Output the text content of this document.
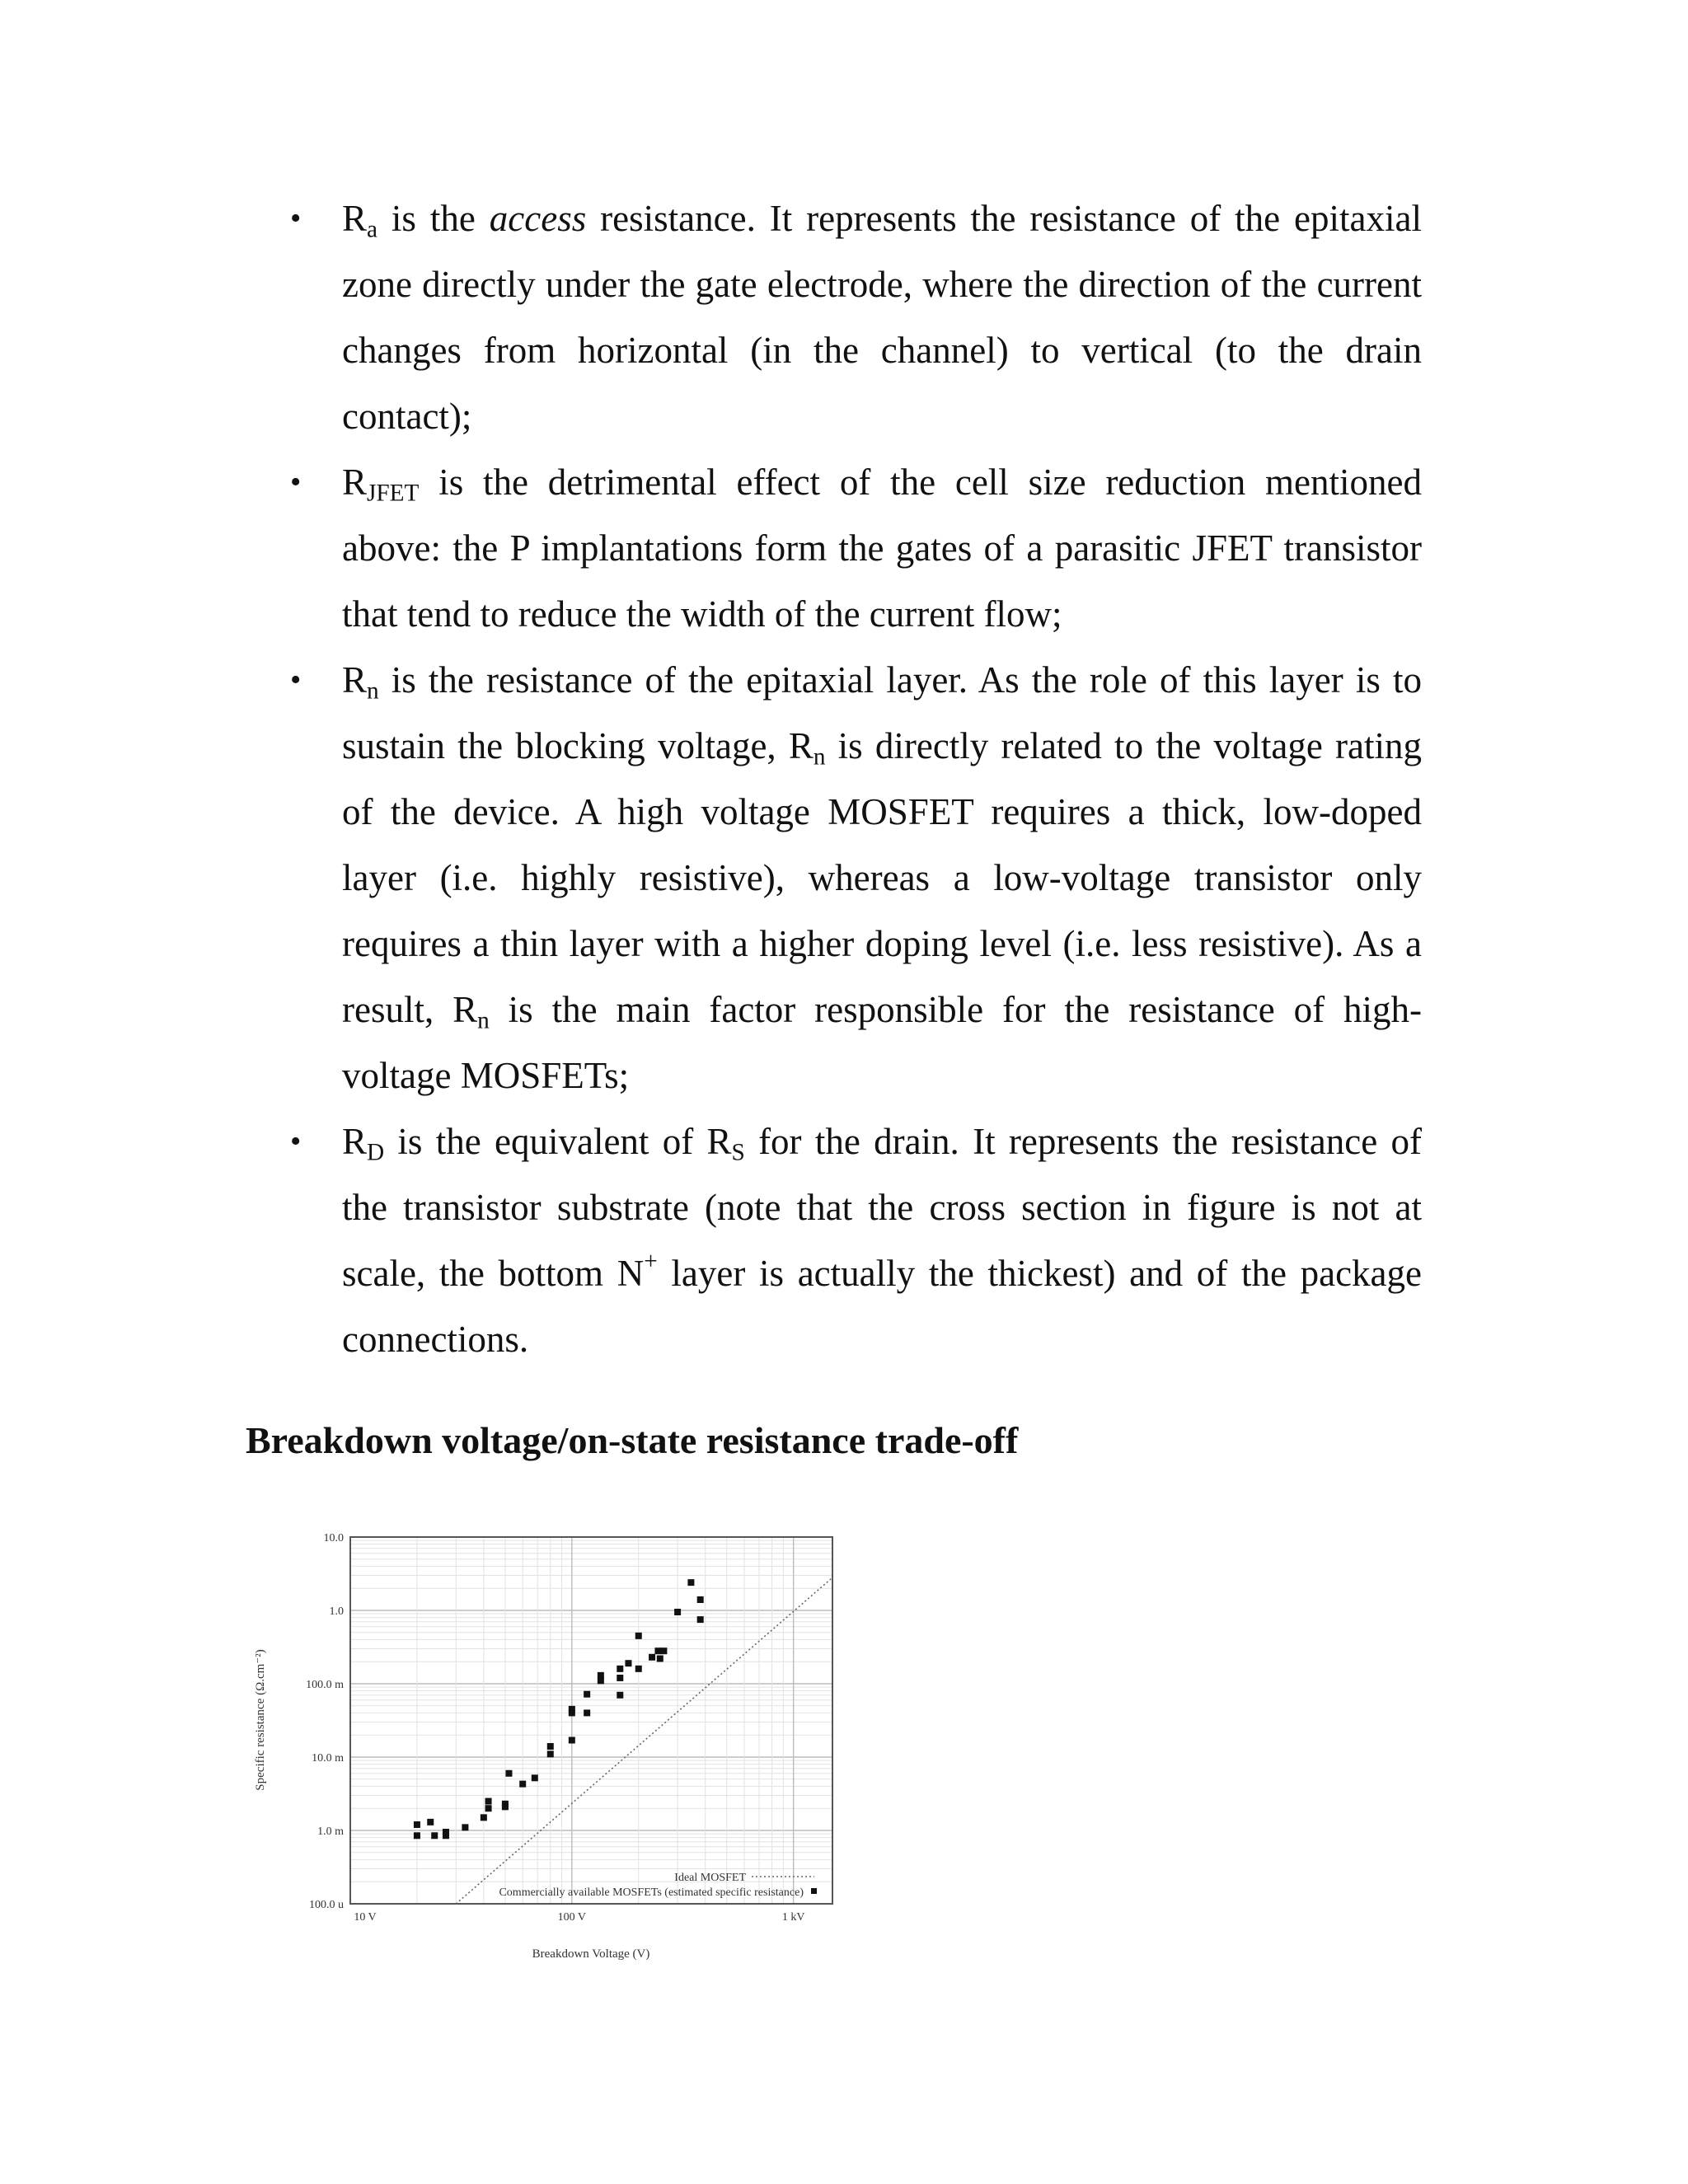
• $R_a$ is the access resistance. It represents the resistance of the epitaxial zone directly under the gate electrode, where the direction of the current changes from horizontal (in the channel) to vertical (to the drain contact);
• $R_{JFET}$ is the detrimental effect of the cell size reduction mentioned above: the P implantations form the gates of a parasitic JFET transistor that tend to reduce the width of the current flow;
• $R_n$ is the resistance of the epitaxial layer. As the role of this layer is to sustain the blocking voltage, $R_n$ is directly related to the voltage rating of the device. A high voltage MOSFET requires a thick, low-doped layer (i.e. highly resistive), whereas a low-voltage transistor only requires a thin layer with a higher doping level (i.e. less resistive). As a result, $R_n$ is the main factor responsible for the resistance of high-voltage MOSFETs;
• $R_D$ is the equivalent of $R_S$ for the drain. It represents the resistance of the transistor substrate (note that the cross section in figure is not at scale, the bottom N+ layer is actually the thickest) and of the package connections.
Breakdown voltage/on-state resistance trade-off
10.0
1.0
100.0 m
10.0 m
1.0 m
100.0 u
10 V	100 V	1 kV
Ideal MOSFET
Commercially available MOSFETs (estimated specific resistance)
Breakdown Voltage (V)
Specific resistance (Ω.cm⁻²)
